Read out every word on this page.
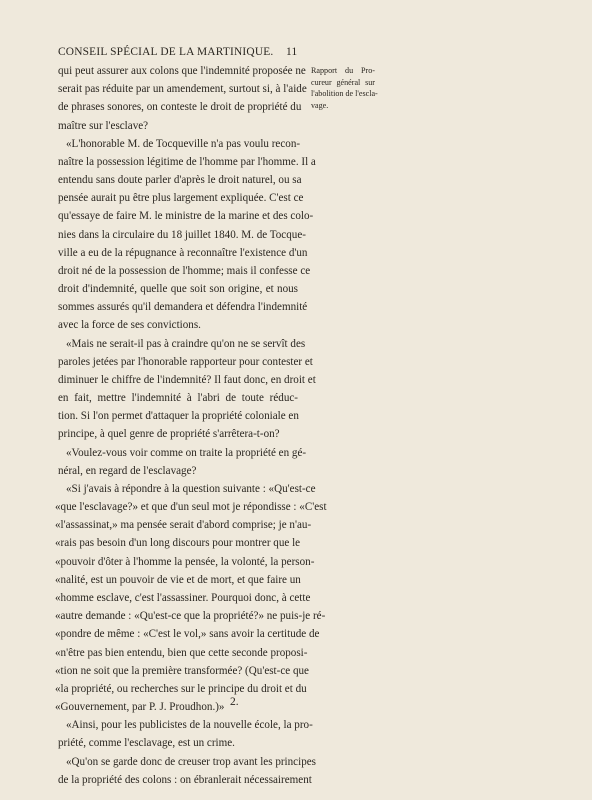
CONSEIL SPÉCIAL DE LA MARTINIQUE. 11
Rapport du Pro-
cureur général sur
l'abolition de l'escla-
vage.
qui peut assurer aux colons que l'indemnité proposée ne
serait pas réduite par un amendement, surtout si, à l'aide
de phrases sonores, on conteste le droit de propriété du
maître sur l'esclave?
«L'honorable M. de Tocqueville n'a pas voulu recon-
naître la possession légitime de l'homme par l'homme. Il a
entendu sans doute parler d'après le droit naturel, ou sa
pensée aurait pu être plus largement expliquée. C'est ce
qu'essaye de faire M. le ministre de la marine et des colo-
nies dans la circulaire du 18 juillet 1840. M. de Tocque-
ville a eu de la répugnance à reconnaître l'existence d'un
droit né de la possession de l'homme; mais il confesse ce
droit d'indemnité, quelle que soit son origine, et nous
sommes assurés qu'il demandera et défendra l'indemnité
avec la force de ses convictions.
«Mais ne serait-il pas à craindre qu'on ne se servît des
paroles jetées par l'honorable rapporteur pour contester et
diminuer le chiffre de l'indemnité? Il faut donc, en droit et
en fait, mettre l'indemnité à l'abri de toute réduc-
tion. Si l'on permet d'attaquer la propriété coloniale en
principe, à quel genre de propriété s'arrêtera-t-on?
«Voulez-vous voir comme on traite la propriété en gé-
néral, en regard de l'esclavage?
«Si j'avais à répondre à la question suivante : «Qu'est-ce
«que l'esclavage?» et que d'un seul mot je répondisse : «C'est
«l'assassinat,» ma pensée serait d'abord comprise; je n'au-
«rais pas besoin d'un long discours pour montrer que le
«pouvoir d'ôter à l'homme la pensée, la volonté, la person-
«nalité, est un pouvoir de vie et de mort, et que faire un
«homme esclave, c'est l'assassiner. Pourquoi donc, à cette
«autre demande : «Qu'est-ce que la propriété?» ne puis-je ré-
«pondre de même : «C'est le vol,» sans avoir la certitude de
«n'être pas bien entendu, bien que cette seconde proposi-
«tion ne soit que la première transformée? (Qu'est-ce que
«la propriété, ou recherches sur le principe du droit et du
«Gouvernement, par P. J. Proudhon.)»
«Ainsi, pour les publicistes de la nouvelle école, la pro-
priété, comme l'esclavage, est un crime.
«Qu'on se garde donc de creuser trop avant les principes
de la propriété des colons : on ébranlerait nécessairement
2.
